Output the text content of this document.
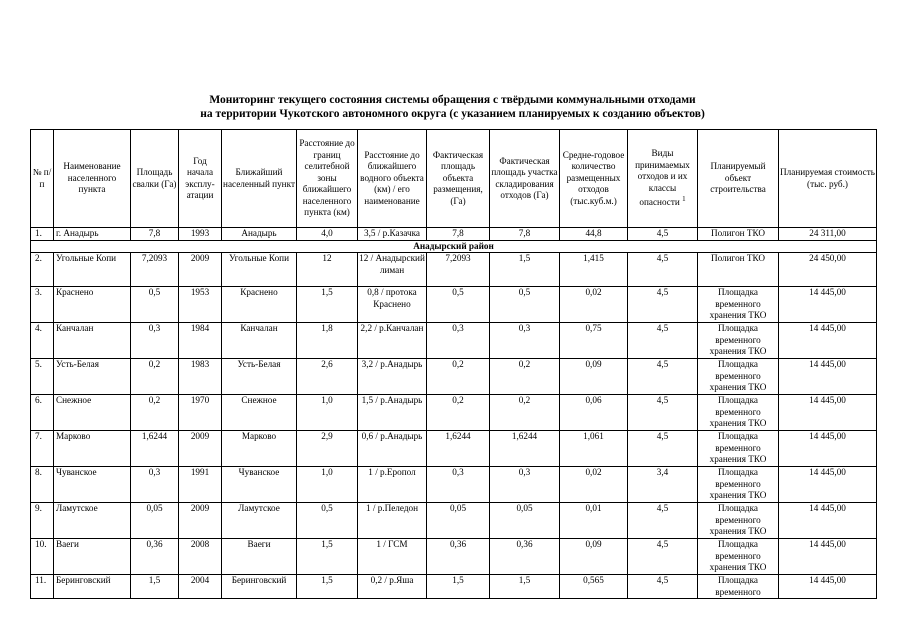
Мониторинг текущего состояния системы обращения с твёрдыми коммунальными отходами
на территории Чукотского автономного округа (с указанием планируемых к созданию объектов)
№ п/п	Наименование населенного пункта	Площадь свалки (Га)	Год начала эксплу-атации	Ближайший населенный пункт	Расстояние до границ селитебной зоны ближайшего населенного пункта (км)	Расстояние до ближайшего водного объекта (км) / его наименование	Фактическая площадь объекта размещения, (Га)	Фактическая площадь участка складирования отходов (Га)	Средне-годовое количество размещенных отходов (тыс.куб.м.)	Виды принимаемых отходов и их классы опасности $^1$	Планируемый объект строительства	Планируемая стоимость (тыс. руб.)
1.	г. Анадырь	7,8	1993	Анадырь	4,0	3,5 / р.Казачка	7,8	7,8	44,8	4,5	Полигон ТКО	24 311,00
Анадырский район												
2.	Угольные Копи	7,2093	2009	Угольные Копи	12	12 / Анадырский лиман	7,2093	1,5	1,415	4,5	Полигон ТКО	24 450,00
3.	Краснено	0,5	1953	Краснено	1,5	0,8 / протока Краснено	0,5	0,5	0,02	4,5	Площадка временного хранения ТКО	14 445,00
4.	Канчалан	0,3	1984	Канчалан	1,8	2,2 / р.Канчалан	0,3	0,3	0,75	4,5	Площадка временного хранения ТКО	14 445,00
5.	Усть-Белая	0,2	1983	Усть-Белая	2,6	3,2 / р.Анадырь	0,2	0,2	0,09	4,5	Площадка временного хранения ТКО	14 445,00
6.	Снежное	0,2	1970	Снежное	1,0	1,5 / р.Анадырь	0,2	0,2	0,06	4,5	Площадка временного хранения ТКО	14 445,00
7.	Марково	1,6244	2009	Марково	2,9	0,6 / р.Анадырь	1,6244	1,6244	1,061	4,5	Площадка временного хранения ТКО	14 445,00
8.	Чуванское	0,3	1991	Чуванское	1,0	1 / р.Еропол	0,3	0,3	0,02	3,4	Площадка временного хранения ТКО	14 445,00
9.	Ламутское	0,05	2009	Ламутское	0,5	1 / р.Пеледон	0,05	0,05	0,01	4,5	Площадка временного хранения ТКО	14 445,00
10.	Ваеги	0,36	2008	Ваеги	1,5	1 / ГСМ	0,36	0,36	0,09	4,5	Площадка временного хранения ТКО	14 445,00
11.	Беринговский	1,5	2004	Беринговский	1,5	0,2 / р.Яша	1,5	1,5	0,565	4,5	Площадка временного	14 445,00
